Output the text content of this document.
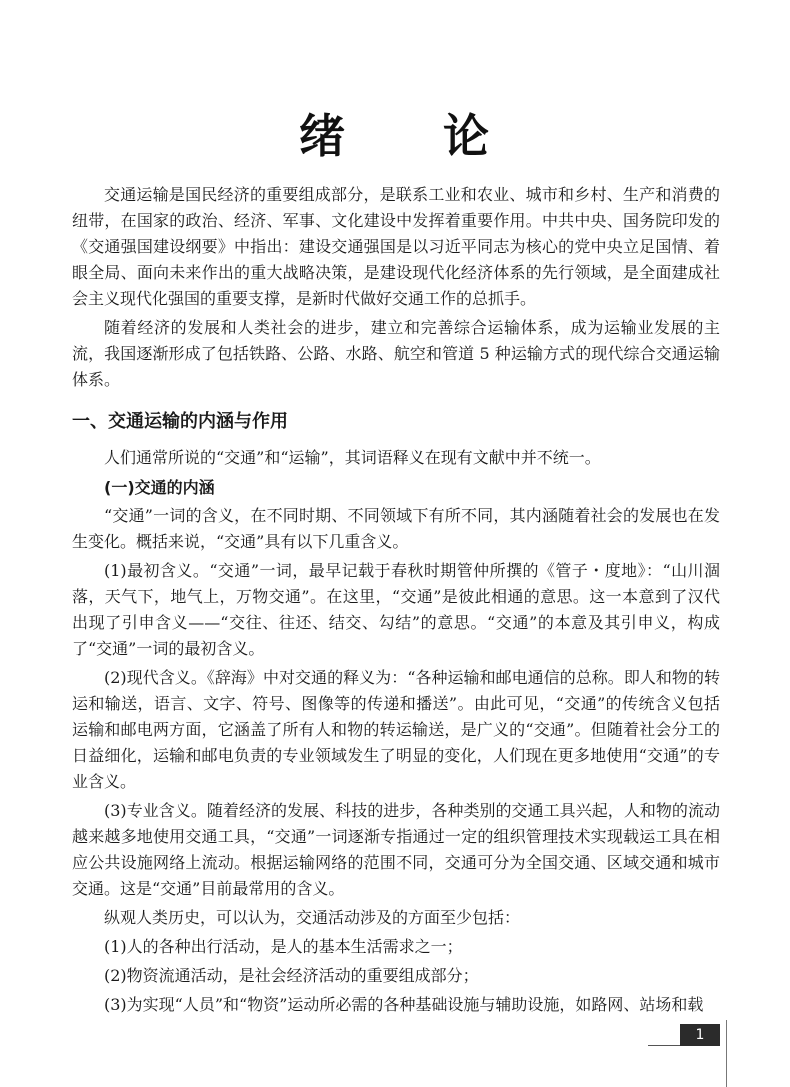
绪 论

交通运输是国民经济的重要组成部分，是联系工业和农业、城市和乡村、生产和消费的纽带，在国家的政治、经济、军事、文化建设中发挥着重要作用。中共中央、国务院印发的《交通强国建设纲要》中指出：建设交通强国是以习近平同志为核心的党中央立足国情、着眼全局、面向未来作出的重大战略决策，是建设现代化经济体系的先行领域，是全面建成社会主义现代化强国的重要支撑，是新时代做好交通工作的总抓手。

随着经济的发展和人类社会的进步，建立和完善综合运输体系，成为运输业发展的主流，我国逐渐形成了包括铁路、公路、水路、航空和管道 5 种运输方式的现代综合交通运输体系。

一、交通运输的内涵与作用

人们通常所说的“交通”和“运输”，其词语释义在现有文献中并不统一。

(一)交通的内涵

“交通”一词的含义，在不同时期、不同领域下有所不同，其内涵随着社会的发展也在发生变化。概括来说，“交通”具有以下几重含义。

(1)最初含义。“交通”一词，最早记载于春秋时期管仲所撰的《管子・度地》：“山川涸落，天气下，地气上，万物交通”。在这里，“交通”是彼此相通的意思。这一本意到了汉代出现了引申含义——“交往、往还、结交、勾结”的意思。“交通”的本意及其引申义，构成了“交通”一词的最初含义。

(2)现代含义。《辞海》中对交通的释义为：“各种运输和邮电通信的总称。即人和物的转运和输送，语言、文字、符号、图像等的传递和播送”。由此可见，“交通”的传统含义包括运输和邮电两方面，它涵盖了所有人和物的转运输送，是广义的“交通”。但随着社会分工的日益细化，运输和邮电负责的专业领域发生了明显的变化，人们现在更多地使用“交通”的专业含义。

(3)专业含义。随着经济的发展、科技的进步，各种类别的交通工具兴起，人和物的流动越来越多地使用交通工具，“交通”一词逐渐专指通过一定的组织管理技术实现载运工具在相应公共设施网络上流动。根据运输网络的范围不同，交通可分为全国交通、区域交通和城市交通。这是“交通”目前最常用的含义。

纵观人类历史，可以认为，交通活动涉及的方面至少包括：

(1)人的各种出行活动，是人的基本生活需求之一；

(2)物资流通活动，是社会经济活动的重要组成部分；

(3)为实现“人员”和“物资”运动所必需的各种基础设施与辅助设施，如路网、站场和载

1
